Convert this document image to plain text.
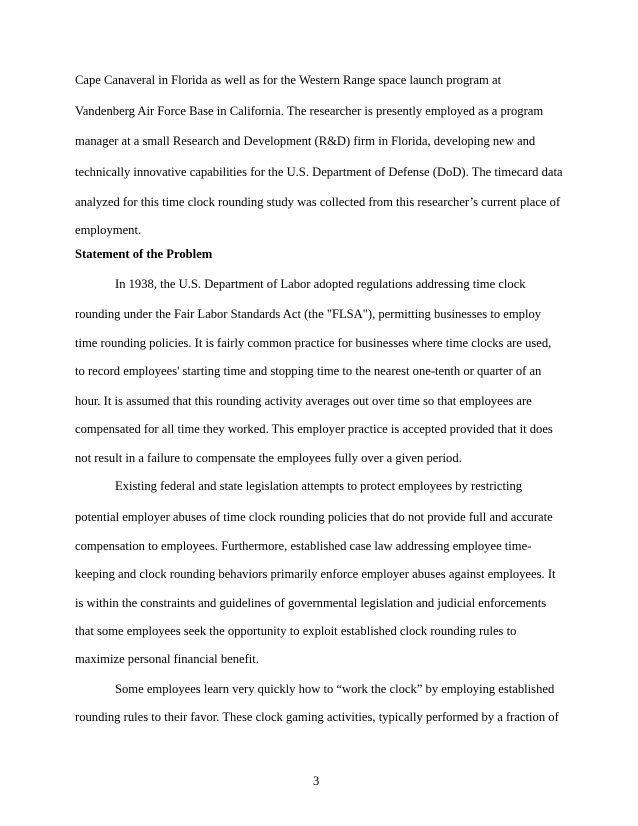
Cape Canaveral in Florida as well as for the Western Range space launch program at
Vandenberg Air Force Base in California. The researcher is presently employed as a program
manager at a small Research and Development (R&D) firm in Florida, developing new and
technically innovative capabilities for the U.S. Department of Defense (DoD). The timecard data
analyzed for this time clock rounding study was collected from this researcher’s current place of
employment.
Statement of the Problem
In 1938, the U.S. Department of Labor adopted regulations addressing time clock
rounding under the Fair Labor Standards Act (the "FLSA"), permitting businesses to employ
time rounding policies. It is fairly common practice for businesses where time clocks are used,
to record employees' starting time and stopping time to the nearest one-tenth or quarter of an
hour. It is assumed that this rounding activity averages out over time so that employees are
compensated for all time they worked. This employer practice is accepted provided that it does
not result in a failure to compensate the employees fully over a given period.
Existing federal and state legislation attempts to protect employees by restricting
potential employer abuses of time clock rounding policies that do not provide full and accurate
compensation to employees. Furthermore, established case law addressing employee time-
keeping and clock rounding behaviors primarily enforce employer abuses against employees. It
is within the constraints and guidelines of governmental legislation and judicial enforcements
that some employees seek the opportunity to exploit established clock rounding rules to
maximize personal financial benefit.
Some employees learn very quickly how to “work the clock” by employing established
rounding rules to their favor. These clock gaming activities, typically performed by a fraction of
3
